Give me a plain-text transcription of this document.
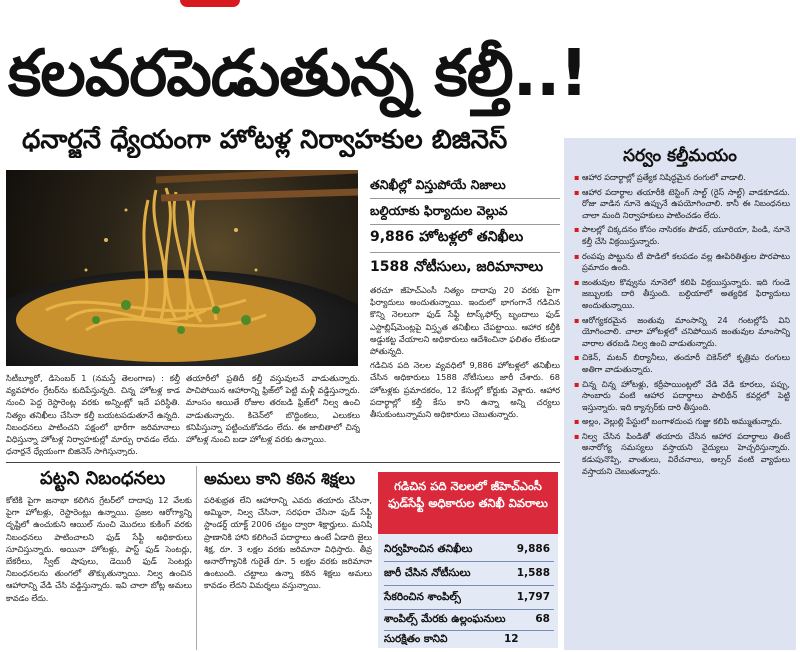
కలవరపెడుతున్న కల్తీ..!
ధనార్జనే ధ్యేయంగా హోటళ్ల నిర్వాహకుల బిజినెస్
తనిఖీల్లో విస్తుపోయే నిజాలు
బల్దియాకు ఫిర్యాదుల వెల్లువ
9,886 హోటళ్లలో తనిఖీలు
1588 నోటీసులు, జరిమానాలు

తరచూ జీహెచ్‌ఎంసీ నిత్యం దాదాపు 20 వరకు పైగా ఫిర్యాదులు అందుతున్నాయి. ఇందులో భాగంగానే గడిచిన కొన్ని నెలలుగా ఫుడ్ సేఫ్టీ టాస్క్‌ఫోర్స్ బృందాలు ఫుడ్ ఎస్టాబ్లిష్‌మెంట్లపై విస్తృత తనిఖీలు చేపట్టాయి. ఆహార కల్తీకి అడ్డుకట్ట వేయాలని అధికారులు ఆదేశించినా ఫలితం లేకుండా పోతున్నది.

గడిచిన పది నెలల వ్యవధిలో 9,886 హోటళ్లలో తనిఖీలు చేసిన అధికారులు 1588 నోటీసులు జారీ చేశారు. 68 హోటళ్లకు ప్రమాదకరం, 12 కేసుల్లో కోర్టుకు వెళ్లారు. ఆహార పదార్థాల్లో కల్తీ కేసు కాని ఉన్నా అన్ని చర్యలు తీసుకుంటున్నామని అధికారులు చెబుతున్నారు.

సిటీబ్యూరో, డిసెంబర్ 1 (నమస్తే తెలంగాణ) : కల్తీ వ్యవహారం గ్రేటర్‌ను కుదిపేస్తున్నది. చిన్న హోటళ్ల కాడ నుంచి పెద్ద రెస్టారెంట్ల వరకు అన్నింట్లో ఇదే పరిస్థితి. నిత్యం తనిఖీలు చేసినా కల్తీ బయటపడుతూనే ఉన్నది. నిబంధనలు పాటించని పక్షంలో భారీగా జరిమానాలు విధిస్తున్నా హోటళ్ల నిర్వాహకుల్లో మార్పు రావడం లేదు. ధనార్జనే ధ్యేయంగా బిజినెస్ సాగిస్తున్నారు.

తయారీలో ప్రతిదీ కల్తీ వస్తువులనే వాడుతున్నారు. పాచిపోయిన ఆహారాన్ని ఫ్రిజ్‌లో పెట్టి మళ్లీ వడ్డిస్తున్నారు. మాంసం అయితే రోజుల తరబడి ఫ్రిజ్‌లో నిల్వ ఉంచి వాడుతున్నారు. కిచెన్‌లో బొద్దింకలు, ఎలుకలు కనిపిస్తున్నా పట్టించుకోవడం లేదు. ఈ జాబితాలో చిన్న హోటళ్ల నుంచి బడా హోటళ్ల వరకు ఉన్నాయి.

పట్టని నిబంధనలు

కోటికి పైగా జనాభా కలిగిన గ్రేటర్‌లో దాదాపు 12 వేలకు పైగా హోటళ్లు, రెస్టారెంట్లు ఉన్నాయి. ప్రజల ఆరోగ్యాన్ని దృష్టిలో ఉంచుకుని ఆయిల్ నుంచి మొదలు కుకింగ్ వరకు నిబంధనలు పాటించాలని ఫుడ్ సేఫ్టీ అధికారులు సూచిస్తున్నారు. అయినా హోటళ్లు, పాస్ట్ ఫుడ్ సెంటర్లు, బేకరీలు, స్వీట్ షాపులు, డెయిరీ ఫుడ్ సెంటర్లు నిబంధనలను తుంగలో తొక్కుతున్నాయి. నిల్వ ఉంచిన ఆహారాన్ని వేడి చేసి వడ్డిస్తున్నారు. ఇవి చాలా బోట్ల అమలు కావడం లేదు.

అమలు కాని కఠిన శిక్షలు

పరిశుభ్రత లేని ఆహారాన్ని ఎవరు తయారు చేసినా, అమ్మినా, నిల్వ చేసినా, సరఫరా చేసినా ఫుడ్ సేఫ్టీ స్టాండర్డ్ యాక్ట్ 2006 చట్టం ద్వారా శిక్షార్హులు. మనిషి ప్రాణానికి హాని కలిగించే పదార్థాలు ఉంటే ఏడాది జైలు శిక్ష, రూ. 3 లక్షల వరకు జరిమానా విధిస్తారు. తీవ్ర అనారోగ్యానికి గురైతే రూ. 5 లక్షల వరకు జరిమానా ఉంటుంది. చట్టాలు ఉన్నా కఠిన శిక్షలు అమలు కావడం లేదని విమర్శలు వస్తున్నాయి.

గడిచిన పది నెలలలో జీహెచ్‌ఎంసీ ఫుడ్‌సేఫ్టీ అధికారుల తనిఖీ వివరాలు
నిర్వహించిన తనిఖీలు	9,886
జారీ చేసిన నోటీసులు	1,588
సేకరించిన శాంపిల్స్	1,797
శాంపిల్స్ మేరకు ఉల్లంఘనులు	68
సురక్షితం కానివి	12
సర్వం కల్తీమయం
▪ ఆహార పదార్థాల్లో ప్రత్యేక నిషిద్ధమైన రంగులో వాడాలి.
▪ ఆహార పదార్థాల తయారీకి టెస్టింగ్ సాల్ట్ (రైస్ సాల్ట్) వాడకూడదు. రోజు వాడిన నూనె ఉప్పునే ఉపయోగించాలి. కానీ ఈ నిబంధనలు చాలా మంది నిర్వాహకులు పాటించడం లేదు.
▪ పాలల్లో చిక్కదనం కోసం నాసిరకం పౌడర్, యూరియా, పిండి, నూనె కల్తీ చేసి విక్రయిస్తున్నారు.
▪ రంపపు పొట్టును టీ పొడిలో కలపడం వల్ల ఊపిరితిత్తుల పొరపాటు ప్రమాదం ఉంది.
▪ జంతువుల కొవ్వును నూనెలో కలిపి విక్రయిస్తున్నారు. ఇది గుండె జబ్బులకు దారి తీస్తుంది. బల్దియాలో అత్యధిక ఫిర్యాదులు అందుతున్నాయి.
▪ ఆరోగ్యకరమైన జంతువు మాంసాన్ని 24 గంటల్లోపే విని యోగించాలి. చాలా హోటళ్లలో చనిపోయిన జంతువుల మాంసాన్ని వారాల తరబడి నిల్వ ఉంచి వాడుతున్నారు.
▪ చికెన్, మటన్ బిర్యానీలు, తందూరీ చికెన్‌లో కృత్రిమ రంగులు అతిగా వాడుతున్నారు.
▪ చిన్న చిన్న హోటళ్లు, కర్రీపాయింట్లలో వేడి వేడి కూరలు, పప్పు, సాంబారు వంటి ఆహార పదార్థాలు పాలిథీన్ కవర్లలో పెట్టి ఇస్తున్నారు. ఇది క్యాన్సర్‌కు దారి తీస్తుంది.
▪ అల్లం, వెల్లుల్లి పేస్టులో బంగాళదుంప గుజ్జు కలిపి అమ్ముతున్నారు.
▪ నిల్వ చేసిన పిండితో తయారు చేసిన ఆహార పదార్థాలు తింటే అనారోగ్య సమస్యలు వస్తాయని వైద్యులు హెచ్చరిస్తున్నారు. కడుపునొప్పి, వాంతులు, విరేచనాలు, అల్సర్ వంటి వ్యాధులు వస్తాయని చెబుతున్నారు.
